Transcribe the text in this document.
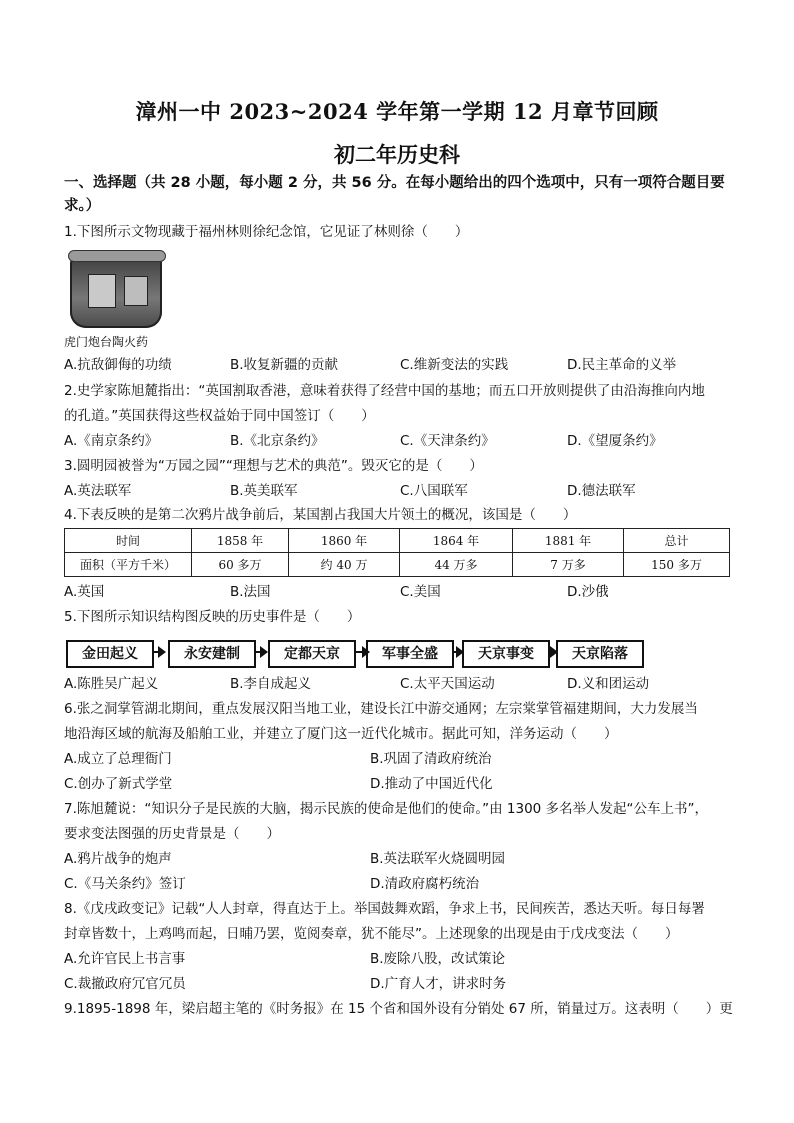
漳州一中 2023~2024 学年第一学期 12 月章节回顾
初二年历史科
一、选择题（共 28 小题，每小题 2 分，共 56 分。在每小题给出的四个选项中，只有一项符合题目要求。）
1.下图所示文物现藏于福州林则徐纪念馆，它见证了林则徐（　　）
虎门炮台陶火药
A.抗敌御侮的功绩	B.收复新疆的贡献	C.维新变法的实践	D.民主革命的义举
2.史学家陈旭麓指出：“英国割取香港，意味着获得了经营中国的基地；而五口开放则提供了由沿海推向内地
的孔道。”英国获得这些权益始于同中国签订（　　）
A.《南京条约》	B.《北京条约》	C.《天津条约》	D.《望厦条约》
3.圆明园被誉为“万园之园”“理想与艺术的典范”。毁灭它的是（　　）
A.英法联军	B.英美联军	C.八国联军	D.德法联军
4.下表反映的是第二次鸦片战争前后，某国割占我国大片领土的概况，该国是（　　）
时间	1858 年	1860 年	1864 年	1881 年	总计
面积（平方千米）	60 多万	约 40 万	44 万多	7 万多	150 多万
A.英国	B.法国	C.美国	D.沙俄
5.下图所示知识结构图反映的历史事件是（　　）
金田起义	永安建制	定都天京	军事全盛	天京事变	天京陷落
A.陈胜吴广起义	B.李自成起义	C.太平天国运动	D.义和团运动
6.张之洞掌管湖北期间，重点发展汉阳当地工业，建设长江中游交通网；左宗棠掌管福建期间，大力发展当
地沿海区域的航海及船舶工业，并建立了厦门这一近代化城市。据此可知，洋务运动（　　）
A.成立了总理衙门	B.巩固了清政府统治
C.创办了新式学堂	D.推动了中国近代化
7.陈旭麓说：“知识分子是民族的大脑，揭示民族的使命是他们的使命。”由 1300 多名举人发起“公车上书”，
要求变法图强的历史背景是（　　）
A.鸦片战争的炮声	B.英法联军火烧圆明园
C.《马关条约》签订	D.清政府腐朽统治
8.《戊戌政变记》记载“人人封章，得直达于上。举国鼓舞欢蹈，争求上书，民间疾苦，悉达天听。每日每署
封章皆数十，上鸡鸣而起，日晡乃罢，览阅奏章，犹不能尽”。上述现象的出现是由于戊戌变法（　　）
A.允许官民上书言事	B.废除八股，改试策论
C.裁撤政府冗官冗员	D.广育人才，讲求时务
9.1895-1898 年，梁启超主笔的《时务报》在 15 个省和国外设有分销处 67 所，销量过万。这表明（　　）更
